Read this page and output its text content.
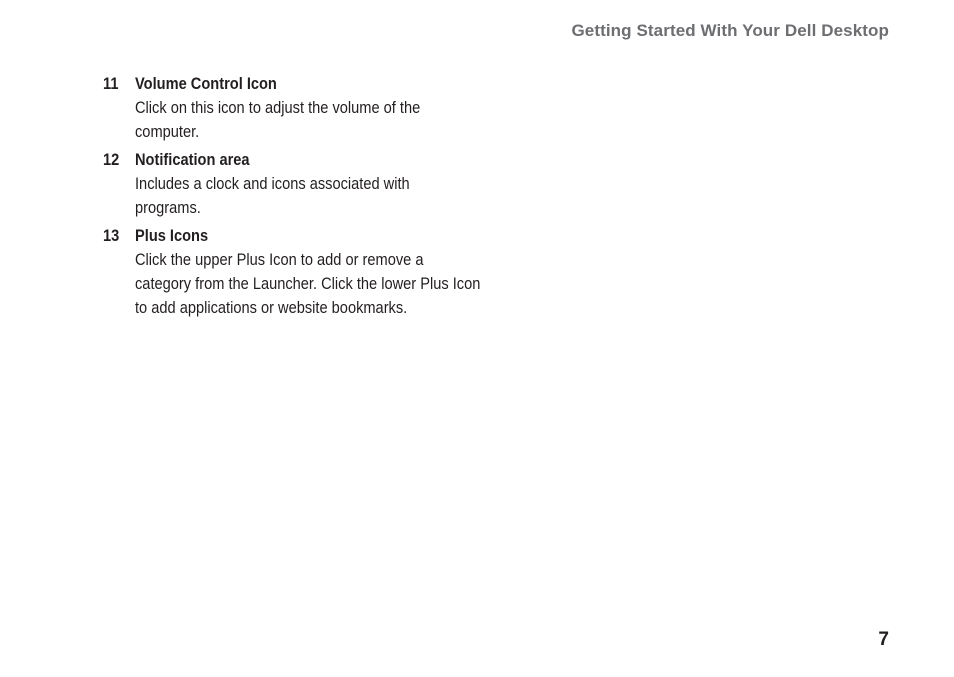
Getting Started With Your Dell Desktop
11 Volume Control Icon
Click on this icon to adjust the volume of the computer.
12 Notification area
Includes a clock and icons associated with programs.
13 Plus Icons
Click the upper Plus Icon to add or remove a category from the Launcher. Click the lower Plus Icon to add applications or website bookmarks.
7
